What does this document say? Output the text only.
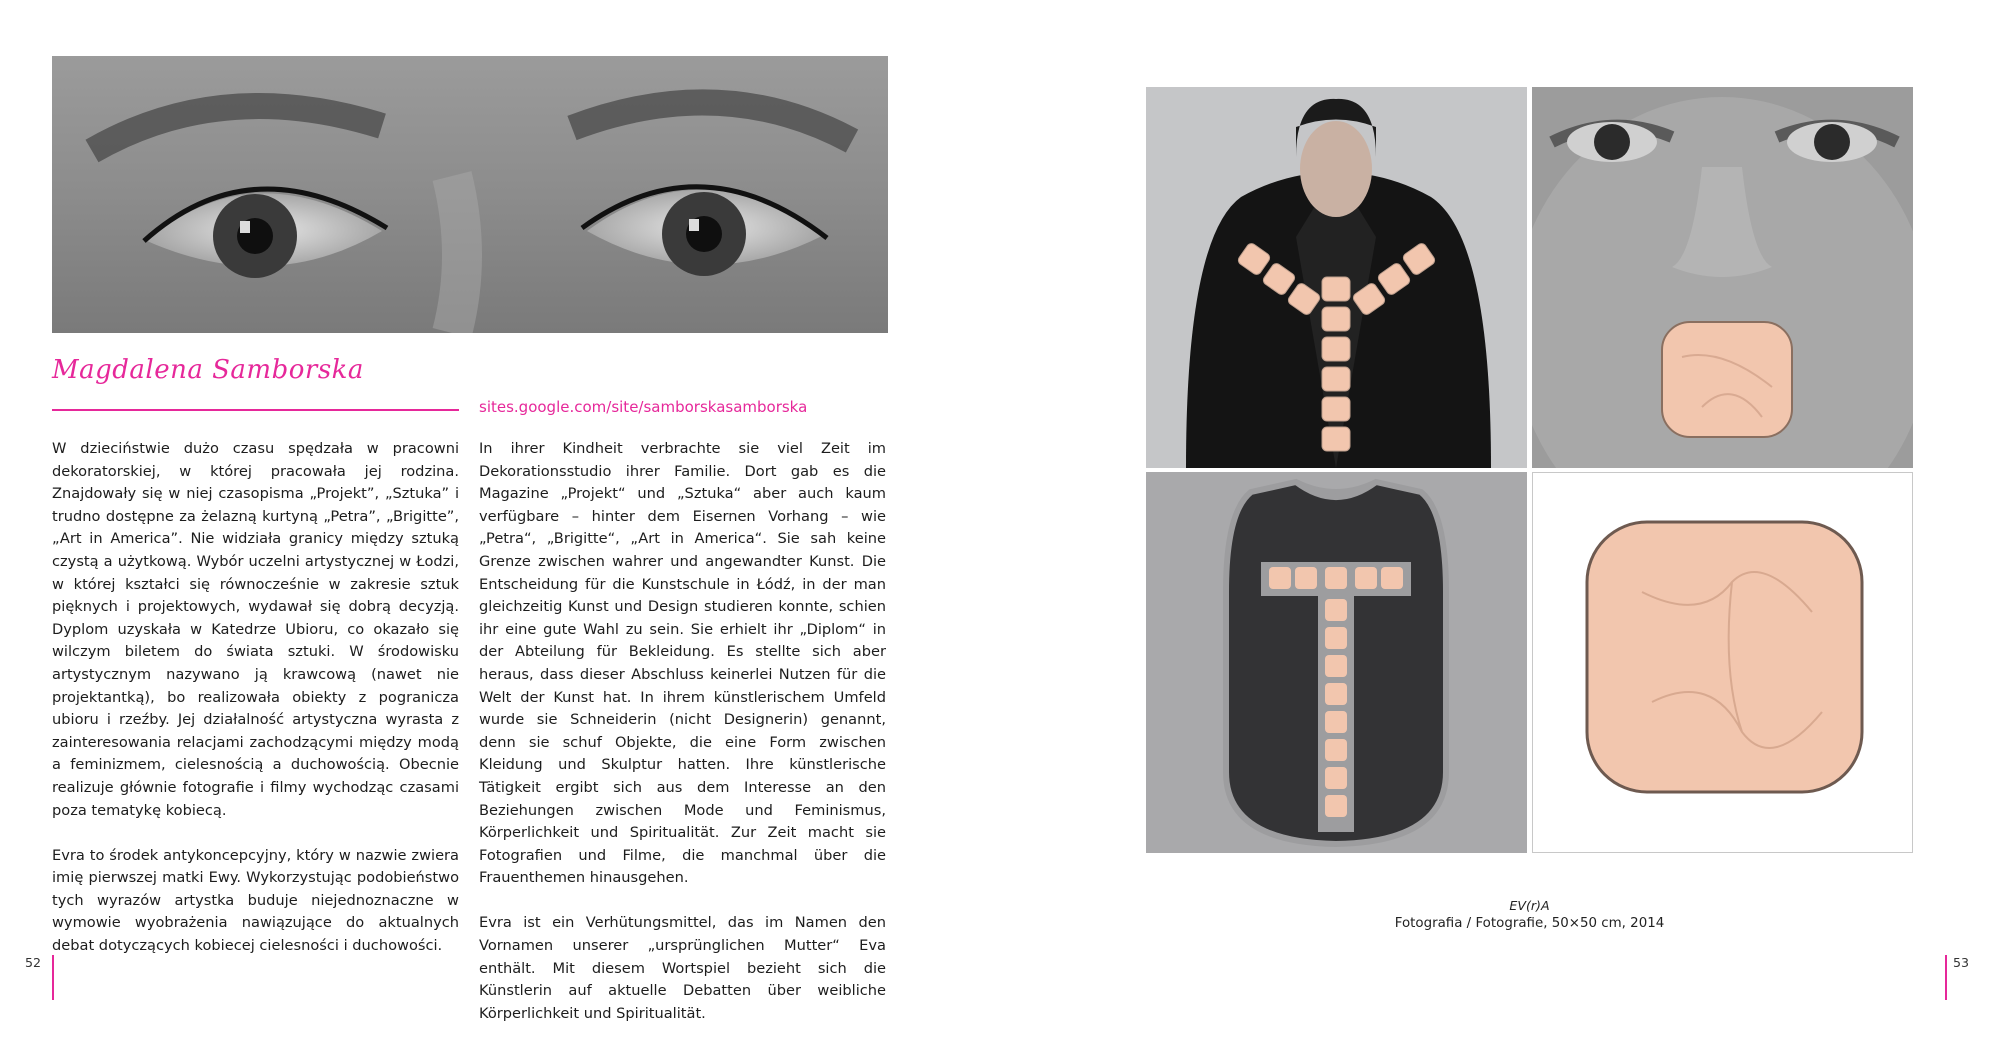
Magdalena Samborska
sites.google.com/site/samborskasamborska

W dzieciństwie dużo czasu spędzała w pracowni dekoratorskiej, w której pracowała jej rodzina. Znajdowały się w niej czasopisma „Projekt”, „Sztuka” i trudno dostępne za żelazną kurtyną „Petra”, „Brigitte”, „Art in America”. Nie widziała granicy między sztuką czystą a użytkową. Wybór uczelni artystycznej w Łodzi, w której kształci się równocześnie w zakresie sztuk pięknych i projektowych, wydawał się dobrą decyzją. Dyplom uzyskała w Katedrze Ubioru, co okazało się wilczym biletem do świata sztuki. W środowisku artystycznym nazywano ją krawcową (nawet nie projektantką), bo realizowała obiekty z pogranicza ubioru i rzeźby. Jej działalność artystyczna wyrasta z zainteresowania relacjami zachodzącymi między modą a feminizmem, cielesnością a duchowością. Obecnie realizuje głównie fotografie i filmy wychodząc czasami poza tematykę kobiecą.

Evra to środek antykoncepcyjny, który w nazwie zwiera imię pierwszej matki Ewy. Wykorzystując podobieństwo tych wyrazów artystka buduje niejednoznaczne w wymowie wyobrażenia nawiązujące do aktualnych debat dotyczących kobiecej cielesności i duchowości.

In ihrer Kindheit verbrachte sie viel Zeit im Dekorationsstudio ihrer Familie. Dort gab es die Magazine „Projekt“ und „Sztuka“ aber auch kaum verfügbare – hinter dem Eisernen Vorhang – wie „Petra“, „Brigitte“, „Art in America“. Sie sah keine Grenze zwischen wahrer und angewandter Kunst. Die Entscheidung für die Kunstschule in Łódź, in der man gleichzeitig Kunst und Design studieren konnte, schien ihr eine gute Wahl zu sein. Sie erhielt ihr „Diplom“ in der Abteilung für Bekleidung. Es stellte sich aber heraus, dass dieser Abschluss keinerlei Nutzen für die Welt der Kunst hat. In ihrem künstlerischem Umfeld wurde sie Schneiderin (nicht Designerin) genannt, denn sie schuf Objekte, die eine Form zwischen Kleidung und Skulptur hatten. Ihre künstlerische Tätigkeit ergibt sich aus dem Interesse an den Beziehungen zwischen Mode und Feminismus, Körperlichkeit und Spiritualität. Zur Zeit macht sie Fotografien und Filme, die manchmal über die Frauenthemen hinausgehen.

Evra ist ein Verhütungsmittel, das im Namen den Vornamen unserer „ursprünglichen Mutter“ Eva enthält. Mit diesem Wortspiel bezieht sich die Künstlerin auf aktuelle Debatten über weibliche Körperlichkeit und Spiritualität.

52
EV(r)A
Fotografia / Fotografie, 50×50 cm, 2014
53
